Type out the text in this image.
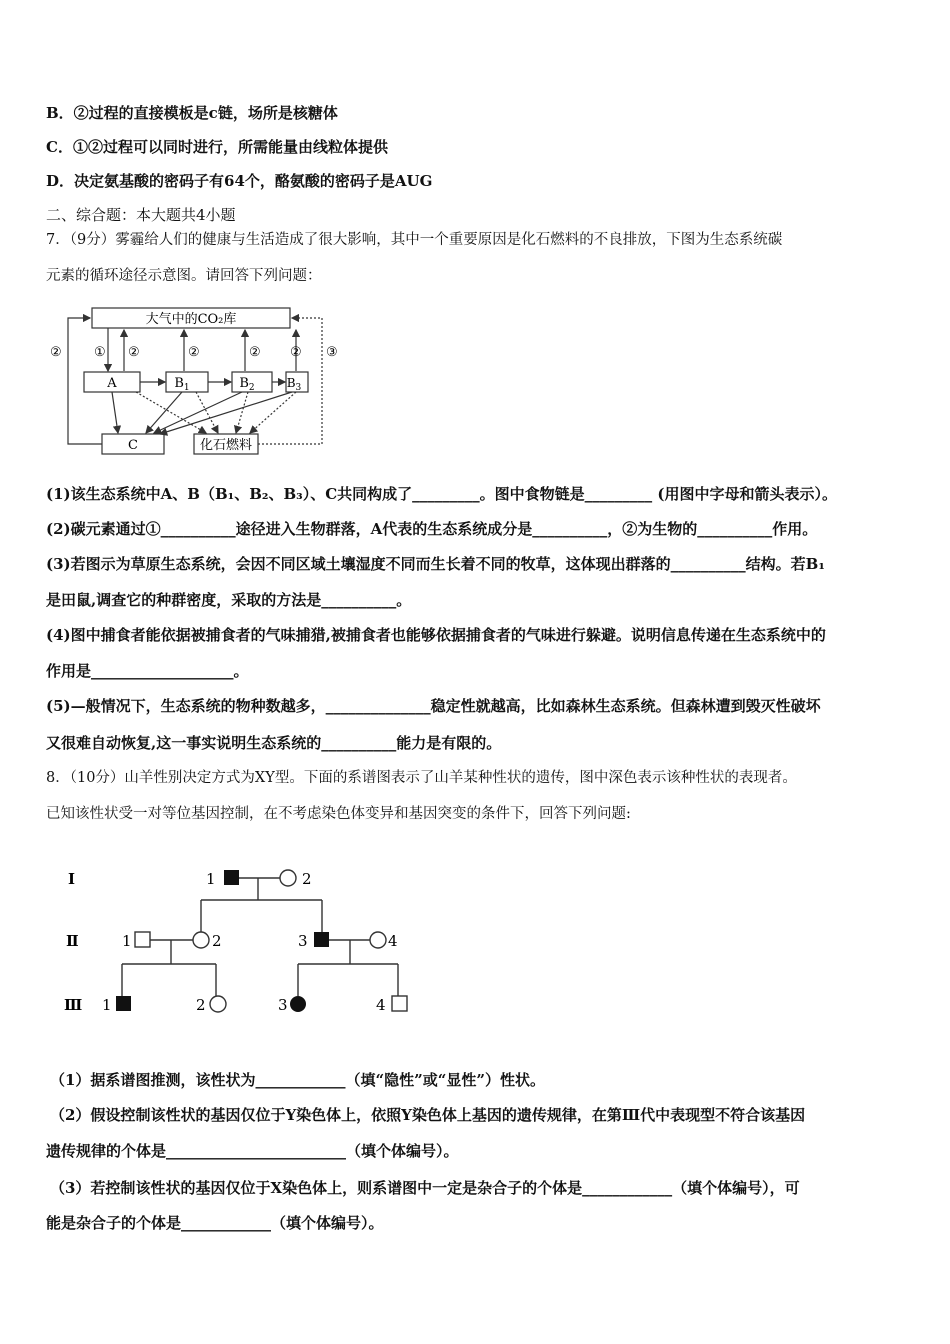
B．②过程的直接模板是c链，场所是核糖体
C．①②过程可以同时进行，所需能量由线粒体提供
D．决定氨基酸的密码子有64个，酪氨酸的密码子是AUG
二、综合题：本大题共4小题
7．（9分）雾霾给人们的健康与生活造成了很大影响，其中一个重要原因是化石燃料的不良排放，下图为生态系统碳
元素的循环途径示意图。请回答下列问题：
大气中的CO₂库
A	$B_1$	$B_2$	$B_3$
C	化石燃料
① ②	②	② ②
②	③
(1)该生态系统中A、B（B₁、B₂、B₃）、C共同构成了_________。图中食物链是_________ (用图中字母和箭头表示）。
(2)碳元素通过①__________途径进入生物群落，A代表的生态系统成分是__________，②为生物的__________作用。
(3)若图示为草原生态系统，会因不同区域土壤湿度不同而生长着不同的牧草，这体现出群落的__________结构。若B₁
是田鼠,调查它的种群密度，采取的方法是__________。
(4)图中捕食者能依据被捕食者的气味捕猎,被捕食者也能够依据捕食者的气味进行躲避。说明信息传递在生态系统中的
作用是___________________。
(5)—般情况下，生态系统的物种数越多，______________稳定性就越高，比如森林生态系统。但森林遭到毁灭性破坏
又很难自动恢复,这一事实说明生态系统的__________能力是有限的。
8．（10分）山羊性别决定方式为XY型。下面的系谱图表示了山羊某种性状的遗传，图中深色表示该种性状的表现者。
已知该性状受一对等位基因控制，在不考虑染色体变异和基因突变的条件下，回答下列问题:
Ⅰ
Ⅱ
Ⅲ
1	2
1	2	3	4
1	2	3	4
（1）据系谱图推测，该性状为____________（填“隐性”或“显性”）性状。
（2）假设控制该性状的基因仅位于Y染色体上，依照Y染色体上基因的遗传规律，在第Ⅲ代中表现型不符合该基因
遗传规律的个体是________________________（填个体编号）。
（3）若控制该性状的基因仅位于X染色体上，则系谱图中一定是杂合子的个体是____________（填个体编号），可
能是杂合子的个体是____________（填个体编号）。
